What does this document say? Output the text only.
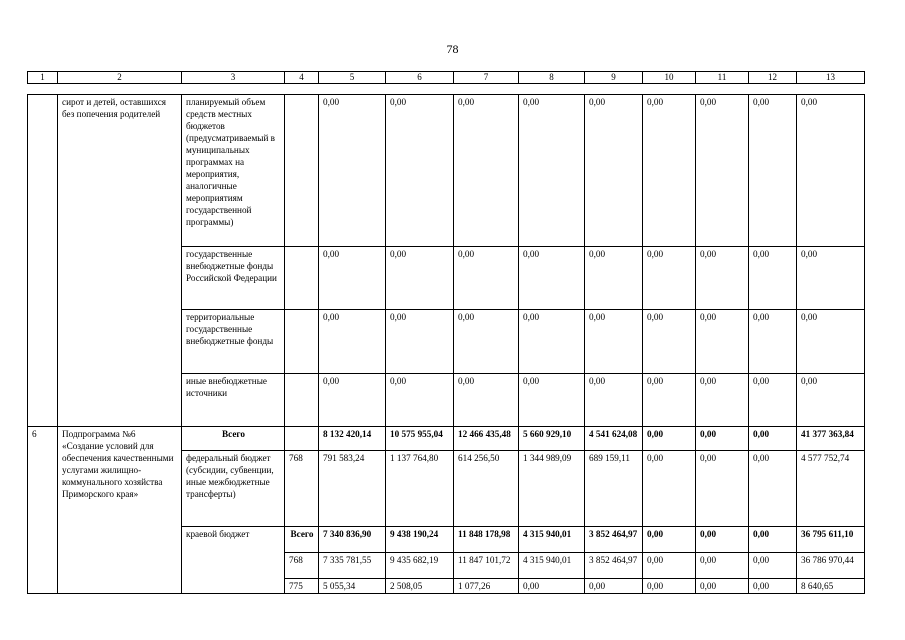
78
1	2	3	4	5	6	7	8	9	10	11	12	13

	сирот и детей, оставшихся без попечения родителей	планируемый объем средств местных бюджетов (предусматриваемый в муниципальных программах на мероприятия, аналогичные мероприятиям государственной программы)		0,00	0,00	0,00	0,00	0,00	0,00	0,00	0,00	0,00
		государственные внебюджетные фонды Российской Федерации		0,00	0,00	0,00	0,00	0,00	0,00	0,00	0,00	0,00
		территориальные государственные внебюджетные фонды		0,00	0,00	0,00	0,00	0,00	0,00	0,00	0,00	0,00
		иные внебюджетные источники		0,00	0,00	0,00	0,00	0,00	0,00	0,00	0,00	0,00
6	Подпрограмма №6 «Создание условий для обеспечения качественными услугами жилищно-коммунального хозяйства Приморского края»	Всего		8 132 420,14	10 575 955,04	12 466 435,48	5 660 929,10	4 541 624,08	0,00	0,00	0,00	41 377 363,84
		федеральный бюджет (субсидии, субвенции, иные межбюджетные трансферты)	768	791 583,24	1 137 764,80	614 256,50	1 344 989,09	689 159,11	0,00	0,00	0,00	4 577 752,74
		краевой бюджет	Всего	7 340 836,90	9 438 190,24	11 848 178,98	4 315 940,01	3 852 464,97	0,00	0,00	0,00	36 795 611,10
			768	7 335 781,55	9 435 682,19	11 847 101,72	4 315 940,01	3 852 464,97	0,00	0,00	0,00	36 786 970,44
			775	5 055,34	2 508,05	1 077,26	0,00	0,00	0,00	0,00	0,00	8 640,65
